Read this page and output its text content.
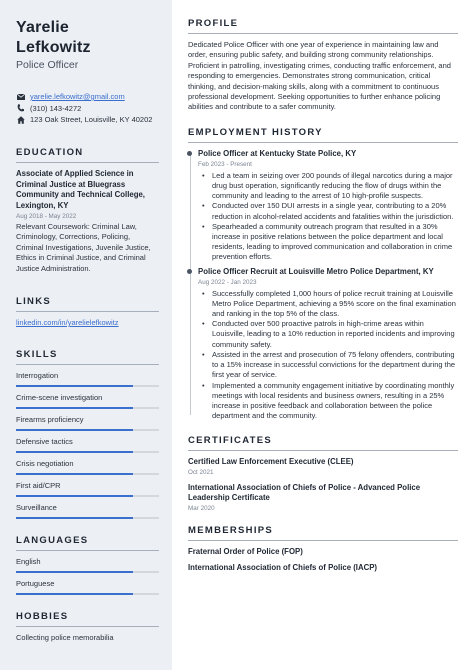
Yarelie
Lefkowitz
Police Officer
yarelie.lefkowitz@gmail.com
(310) 143-4272
123 Oak Street, Louisville, KY 40202
EDUCATION
Associate of Applied Science in Criminal Justice at Bluegrass Community and Technical College, Lexington, KY
Aug 2018 - May 2022
Relevant Coursework: Criminal Law, Criminology, Corrections, Policing, Criminal Investigations, Juvenile Justice, Ethics in Criminal Justice, and Criminal Justice Administration.
LINKS
linkedin.com/in/yarelielefkowitz
SKILLS
Interrogation
Crime-scene investigation
Firearms proficiency
Defensive tactics
Crisis negotiation
First aid/CPR
Surveillance
LANGUAGES
English
Portuguese
HOBBIES
Collecting police memorabilia
PROFILE
Dedicated Police Officer with one year of experience in maintaining law and order, ensuring public safety, and building strong community relationships. Proficient in patrolling, investigating crimes, conducting traffic enforcement, and responding to emergencies. Demonstrates strong communication, critical thinking, and decision-making skills, along with a commitment to continuous professional development. Seeking opportunities to further enhance policing abilities and contribute to a safer community.
EMPLOYMENT HISTORY
Police Officer at Kentucky State Police, KY
Feb 2023 - Present
• Led a team in seizing over 200 pounds of illegal narcotics during a major drug bust operation, significantly reducing the flow of drugs within the community and leading to the arrest of 10 high-profile suspects.
• Conducted over 150 DUI arrests in a single year, contributing to a 20% reduction in alcohol-related accidents and fatalities within the jurisdiction.
• Spearheaded a community outreach program that resulted in a 30% increase in positive relations between the police department and local residents, leading to improved communication and collaboration in crime prevention efforts.
Police Officer Recruit at Louisville Metro Police Department, KY
Aug 2022 - Jan 2023
• Successfully completed 1,000 hours of police recruit training at Louisville Metro Police Department, achieving a 95% score on the final examination and ranking in the top 5% of the class.
• Conducted over 500 proactive patrols in high-crime areas within Louisville, leading to a 10% reduction in reported incidents and improving community safety.
• Assisted in the arrest and prosecution of 75 felony offenders, contributing to a 15% increase in successful convictions for the department during the first year of service.
• Implemented a community engagement initiative by coordinating monthly meetings with local residents and business owners, resulting in a 25% increase in positive feedback and collaboration between the police department and the community.
CERTIFICATES
Certified Law Enforcement Executive (CLEE)
Oct 2021
International Association of Chiefs of Police - Advanced Police Leadership Certificate
Mar 2020
MEMBERSHIPS
Fraternal Order of Police (FOP)
International Association of Chiefs of Police (IACP)
